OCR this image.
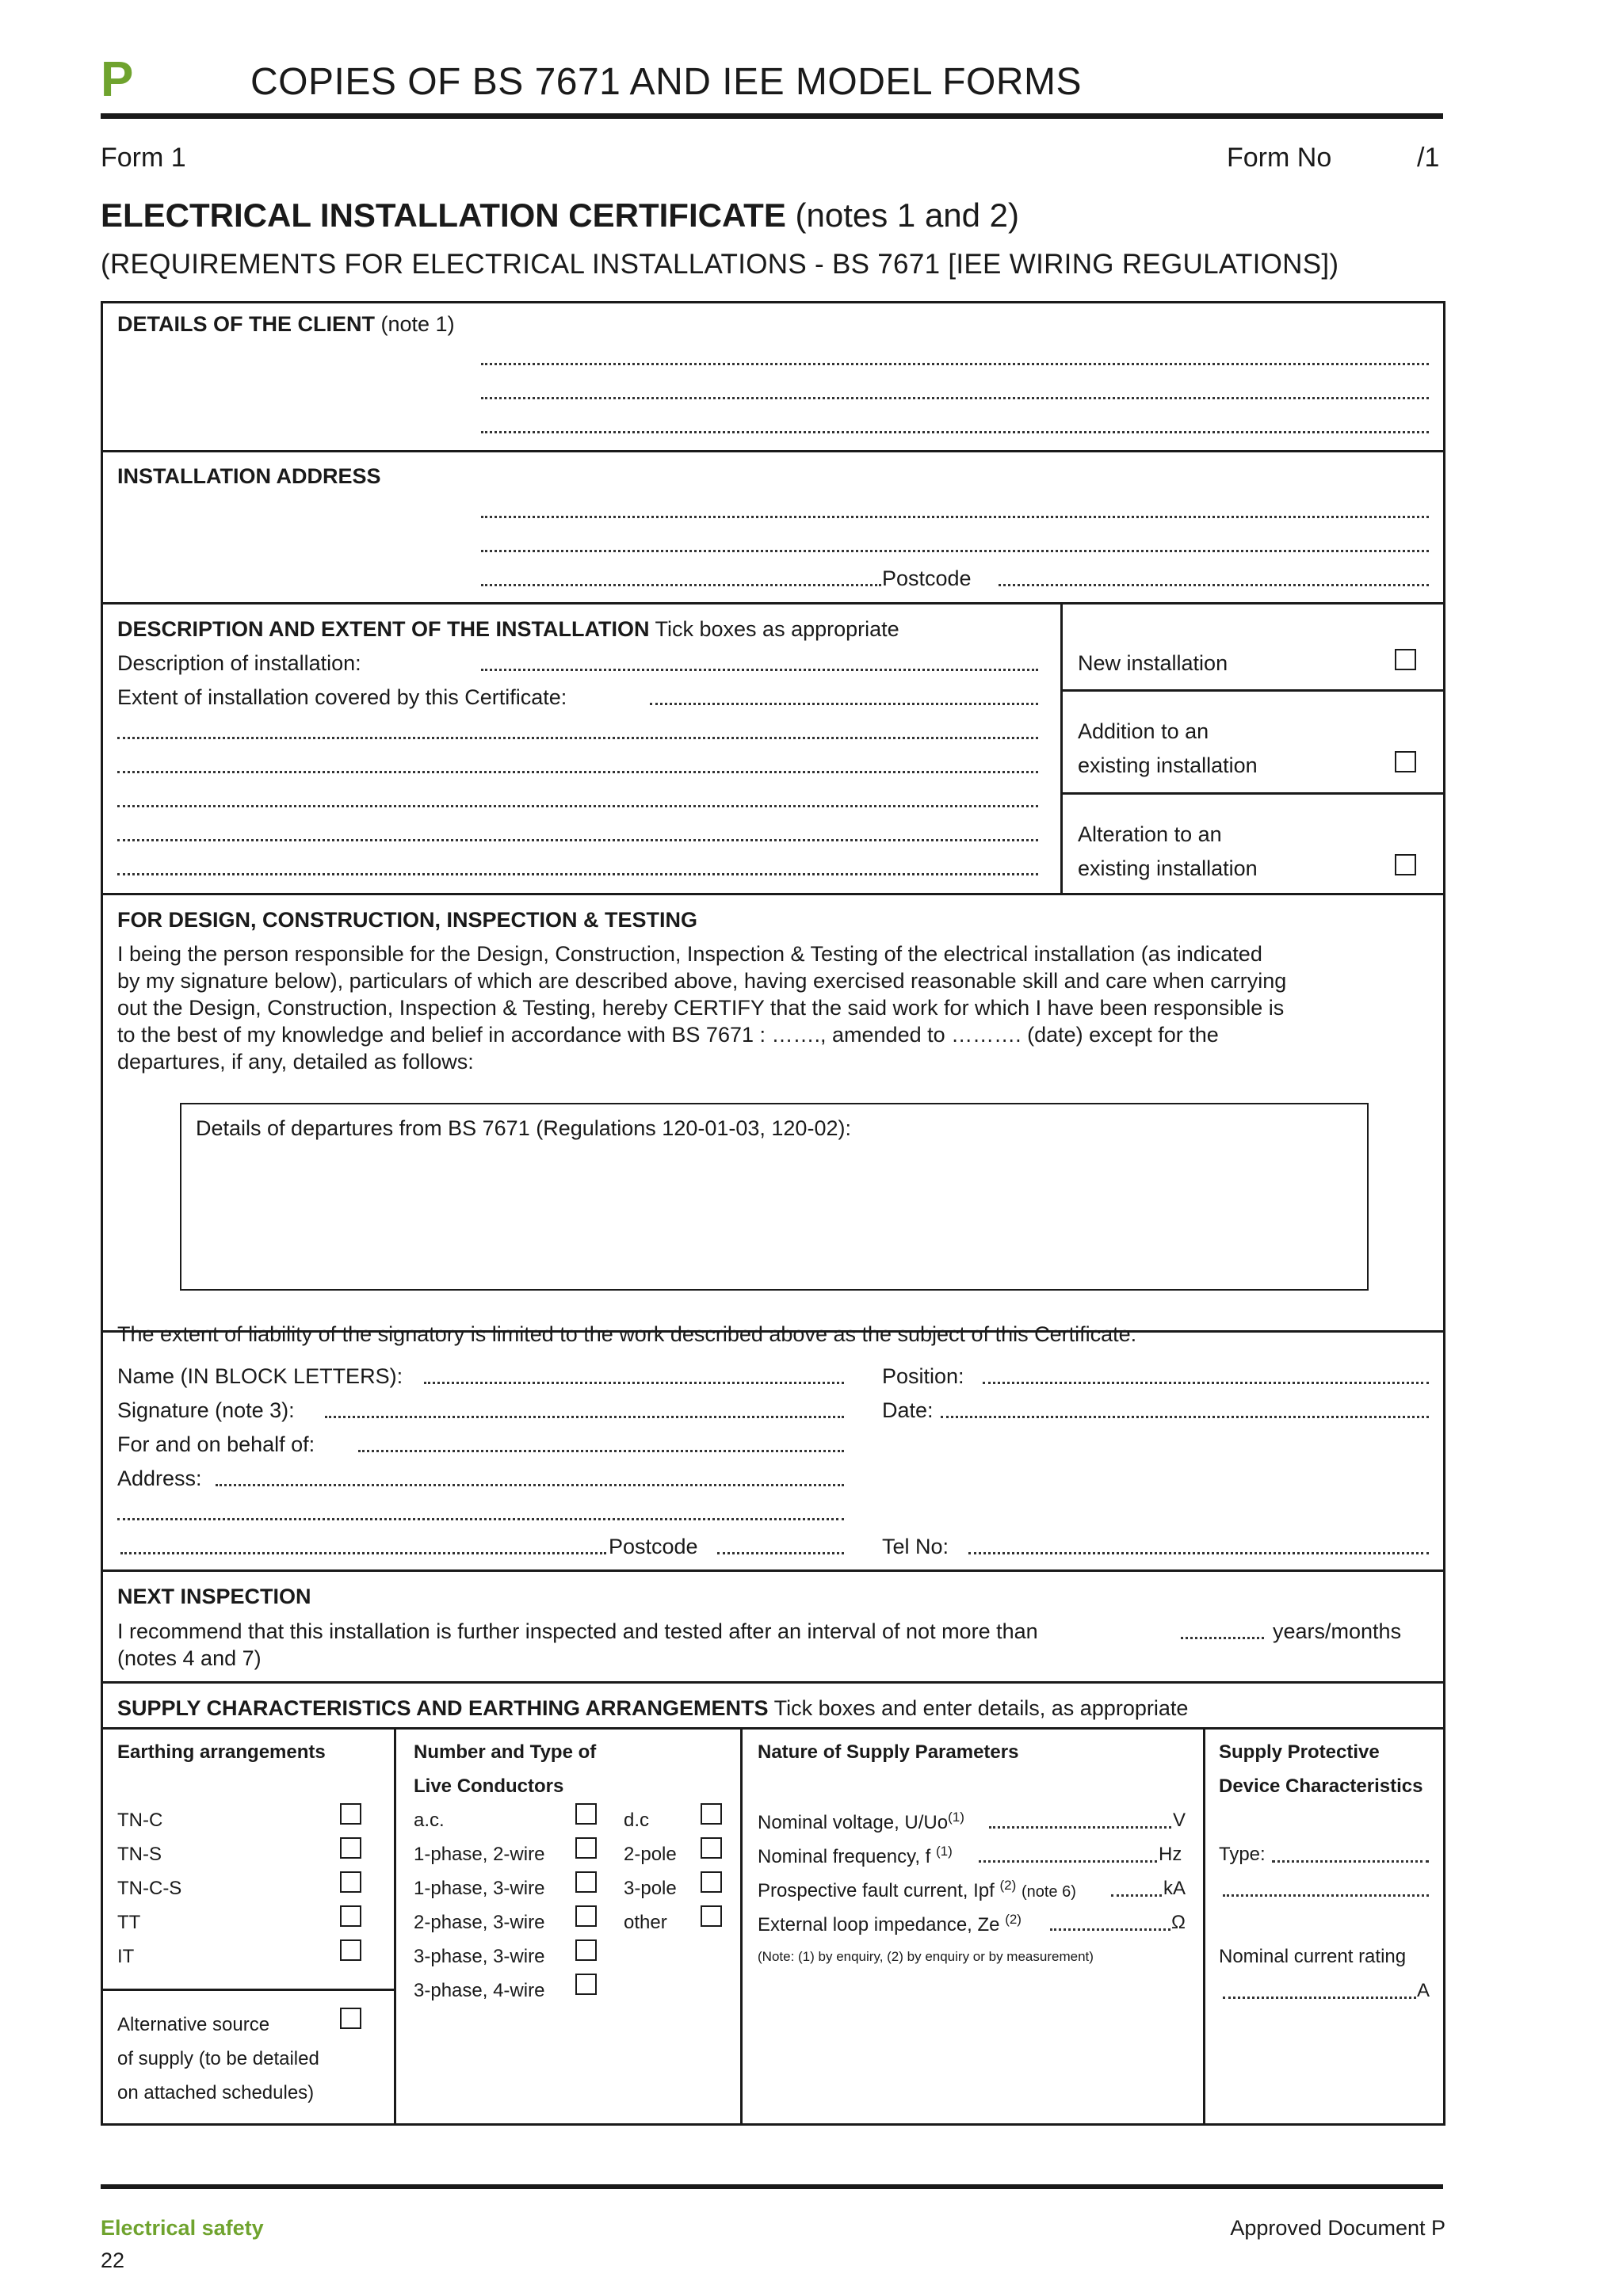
P	COPIES OF BS 7671 AND IEE MODEL FORMS
Form 1	Form No	/1
ELECTRICAL INSTALLATION CERTIFICATE (notes 1 and 2)
(REQUIREMENTS FOR ELECTRICAL INSTALLATIONS - BS 7671 [IEE WIRING REGULATIONS])
DETAILS OF THE CLIENT (note 1)
INSTALLATION ADDRESS
Postcode
DESCRIPTION AND EXTENT OF THE INSTALLATION Tick boxes as appropriate
Description of installation:
Extent of installation covered by this Certificate:
New installation
Addition to an
existing installation
Alteration to an
existing installation
FOR DESIGN, CONSTRUCTION, INSPECTION & TESTING
I being the person responsible for the Design, Construction, Inspection & Testing of the electrical installation (as indicated
by my signature below), particulars of which are described above, having exercised reasonable skill and care when carrying
out the Design, Construction, Inspection & Testing, hereby CERTIFY that the said work for which I have been responsible is
to the best of my knowledge and belief in accordance with BS 7671 : ……., amended to ………. (date) except for the
departures, if any, detailed as follows:
Details of departures from BS 7671 (Regulations 120-01-03, 120-02):
The extent of liability of the signatory is limited to the work described above as the subject of this Certificate.
Name (IN BLOCK LETTERS):	Position:
Signature (note 3):	Date:
For and on behalf of:
Address:
Postcode	Tel No:
NEXT INSPECTION
I recommend that this installation is further inspected and tested after an interval of not more than	years/months
(notes 4 and 7)
SUPPLY CHARACTERISTICS AND EARTHING ARRANGEMENTS Tick boxes and enter details, as appropriate
Earthing arrangements
TN-C
TN-S
TN-C-S
TT
IT
Alternative source
of supply (to be detailed
on attached schedules)
Number and Type of
Live Conductors
a.c.
1-phase, 2-wire
1-phase, 3-wire
2-phase, 3-wire
3-phase, 3-wire
3-phase, 4-wire
d.c
2-pole
3-pole
other
Nature of Supply Parameters
Nominal voltage, U/Uo$^{(1)}$	V
Nominal frequency, f $^{(1)}$	Hz
Prospective fault current, Ipf $^{(2)}$ (note 6)	kA
External loop impedance, Ze $^{(2)}$	Ω
(Note: (1) by enquiry, (2) by enquiry or by measurement)
Supply Protective
Device Characteristics
Type:
Nominal current rating
A
Electrical safety
22
Approved Document P
